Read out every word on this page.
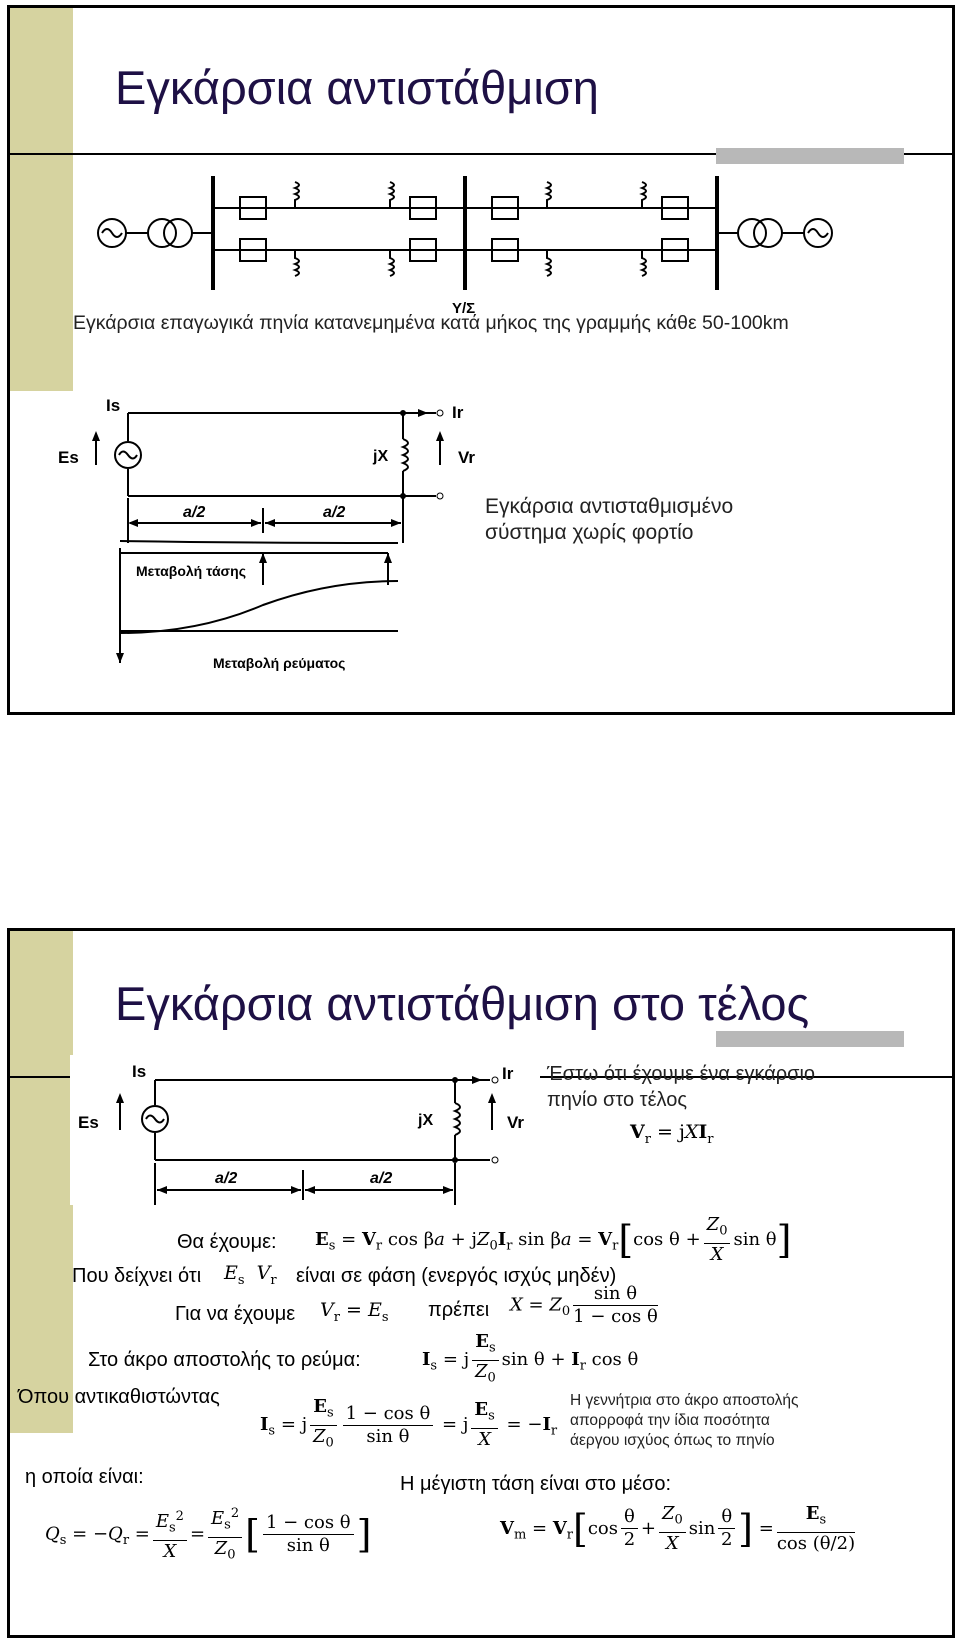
Εγκάρσια αντιστάθμιση
Υ/Σ
Εγκάρσια επαγωγικά πηνία κατανεμημένα κατά μήκος της γραμμής κάθε 50-100km
Is	Ir
Es	Vr
jX
a/2	a/2
Μεταβολή τάσης
Μεταβολή ρεύματος
Εγκάρσια αντισταθμισμένο
σύστημα χωρίς φορτίο
Εγκάρσια αντιστάθμιση στο τέλος
Is	Ir
Es	Vr
jX
a/2	a/2
Έστω ότι έχουμε ένα εγκάρσιο
πηνίο στο τέλος
$V_r = jXI_r$
Θα έχουμε: $E_s = V_r$ $\cos \beta a + jZ_0I_r$ $\sin \beta a = V_r[\cos$ $\theta + \frac{Z_0}{X}$ sin θ]
Που δείχνει ότι $E_s$ $V_r$ είναι σε φάση (ενεργός ισχύς μηδέν)
Για να έχουμε $V_r = E_s$ πρέπει $X = Z_0 \frac{\text{sin θ}}{\text{1 − cos θ}}$
Στο άκρο αποστολής το ρεύμα:	$I_s = j \frac{E_s}{Z_0}$ $\sin \theta + I_r$ cos θ
Όπου αντικαθιστώντας
$I_s = j \frac{E_s}{Z_0} \frac{\text{1 − cos θ}}{\text{sin θ}} = j \frac{E_s}{X} = -I_r$
Η γεννήτρια στο άκρο αποστολής
απορροφά την ίδια ποσότητα
άεργου ισχύος όπως το πηνίο
η οποία είναι:	Η μέγιστη τάση είναι στο μέσο:
$Q_s = -Q_r = \frac{E_s^2}{X} = \frac{E_s^2}{Z_0}$ [ $\frac{\text{1 − cos θ}}{\text{sin θ}}$ ]	$V_m = V_r[\cos \frac{\theta}{2} + \frac{Z_0}{X}$ $\sin \frac{\theta}{2}$ ] = $\frac{E_s}{\cos (\theta/2)}$
